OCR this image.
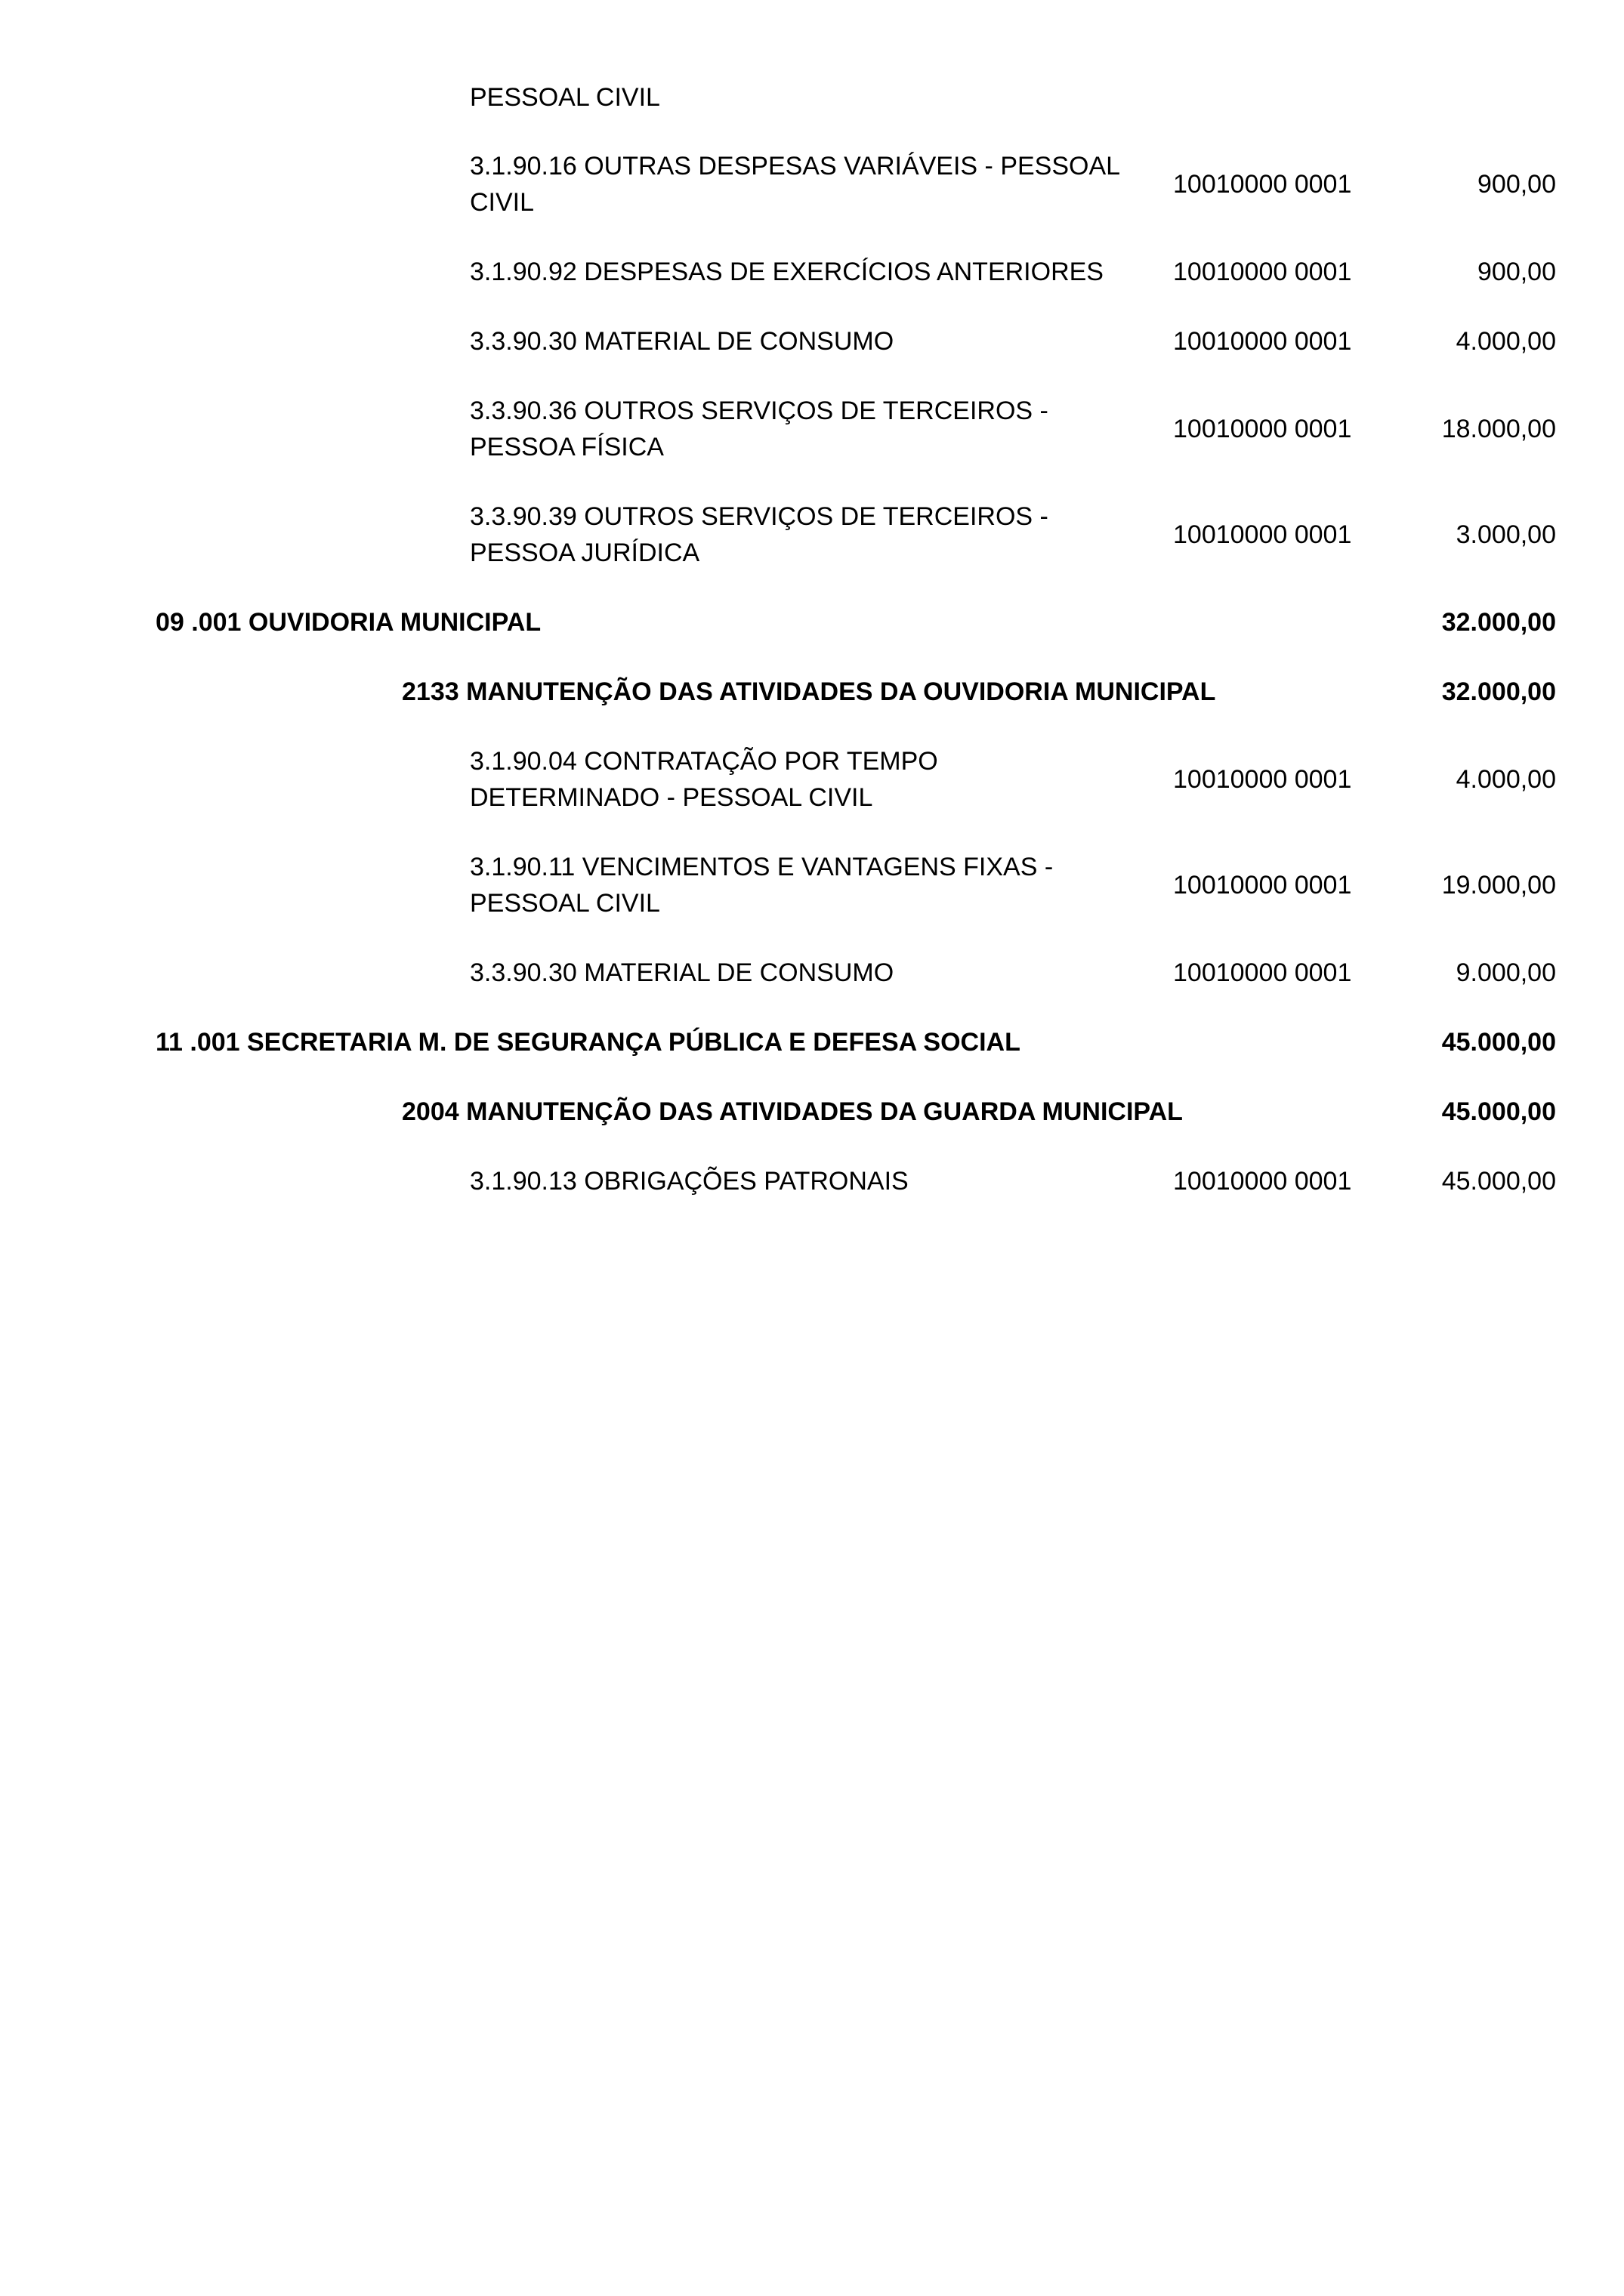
PESSOAL CIVIL
3.1.90.16 OUTRAS DESPESAS VARIÁVEIS - PESSOAL
CIVIL
10010000 0001	900,00
3.1.90.92 DESPESAS DE EXERCÍCIOS ANTERIORES	10010000 0001	900,00
3.3.90.30 MATERIAL DE CONSUMO	10010000 0001	4.000,00
3.3.90.36 OUTROS SERVIÇOS DE TERCEIROS -
PESSOA FÍSICA
10010000 0001	18.000,00
3.3.90.39 OUTROS SERVIÇOS DE TERCEIROS -
PESSOA JURÍDICA
10010000 0001	3.000,00
09 .001 OUVIDORIA MUNICIPAL	32.000,00
2133 MANUTENÇÃO DAS ATIVIDADES DA OUVIDORIA MUNICIPAL	32.000,00
3.1.90.04 CONTRATAÇÃO POR TEMPO
DETERMINADO - PESSOAL CIVIL
10010000 0001	4.000,00
3.1.90.11 VENCIMENTOS E VANTAGENS FIXAS -
PESSOAL CIVIL
10010000 0001	19.000,00
3.3.90.30 MATERIAL DE CONSUMO	10010000 0001	9.000,00
11 .001 SECRETARIA M. DE SEGURANÇA PÚBLICA E DEFESA SOCIAL	45.000,00
2004 MANUTENÇÃO DAS ATIVIDADES DA GUARDA MUNICIPAL	45.000,00
3.1.90.13 OBRIGAÇÕES PATRONAIS	10010000 0001	45.000,00
